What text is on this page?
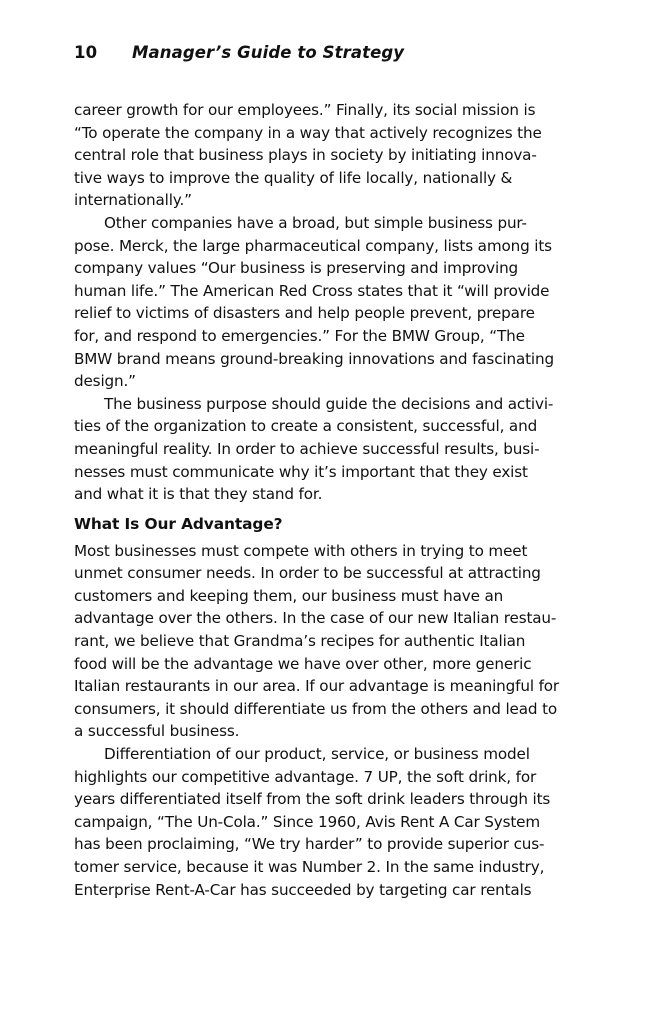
10 Manager’s Guide to Strategy
career growth for our employees.” Finally, its social mission is
“To operate the company in a way that actively recognizes the
central role that business plays in society by initiating innova-
tive ways to improve the quality of life locally, nationally &
internationally.”
Other companies have a broad, but simple business pur-
pose. Merck, the large pharmaceutical company, lists among its
company values “Our business is preserving and improving
human life.” The American Red Cross states that it “will provide
relief to victims of disasters and help people prevent, prepare
for, and respond to emergencies.” For the BMW Group, “The
BMW brand means ground-breaking innovations and fascinating
design.”
The business purpose should guide the decisions and activi-
ties of the organization to create a consistent, successful, and
meaningful reality. In order to achieve successful results, busi-
nesses must communicate why it’s important that they exist
and what it is that they stand for.
What Is Our Advantage?
Most businesses must compete with others in trying to meet
unmet consumer needs. In order to be successful at attracting
customers and keeping them, our business must have an
advantage over the others. In the case of our new Italian restau-
rant, we believe that Grandma’s recipes for authentic Italian
food will be the advantage we have over other, more generic
Italian restaurants in our area. If our advantage is meaningful for
consumers, it should differentiate us from the others and lead to
a successful business.
Differentiation of our product, service, or business model
highlights our competitive advantage. 7 UP, the soft drink, for
years differentiated itself from the soft drink leaders through its
campaign, “The Un-Cola.” Since 1960, Avis Rent A Car System
has been proclaiming, “We try harder” to provide superior cus-
tomer service, because it was Number 2. In the same industry,
Enterprise Rent-A-Car has succeeded by targeting car rentals
